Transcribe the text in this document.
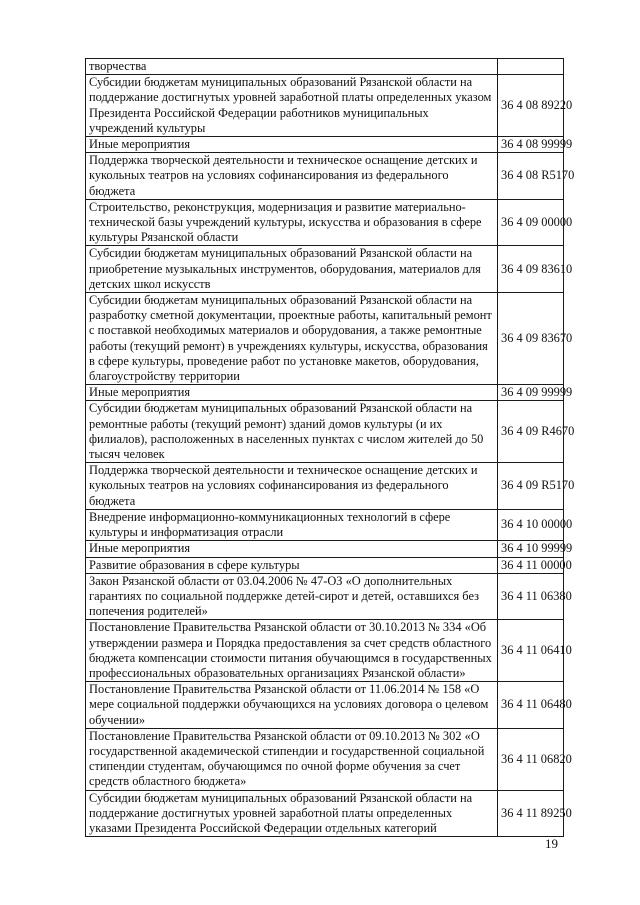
творчества	
Субсидии бюджетам муниципальных образований Рязанской области на поддержание достигнутых уровней заработной платы определенных указом Президента Российской Федерации работников муниципальных учреждений культуры	36 4 08 89220
Иные мероприятия	36 4 08 99999
Поддержка творческой деятельности и техническое оснащение детских и кукольных театров на условиях софинансирования из федерального бюджета	36 4 08 R5170
Строительство, реконструкция, модернизация и развитие материально-технической базы учреждений культуры, искусства и образования в сфере культуры Рязанской области	36 4 09 00000
Субсидии бюджетам муниципальных образований Рязанской области на приобретение музыкальных инструментов, оборудования, материалов для детских школ искусств	36 4 09 83610
Субсидии бюджетам муниципальных образований Рязанской области на разработку сметной документации, проектные работы, капитальный ремонт с поставкой необходимых материалов и оборудования, а также ремонтные работы (текущий ремонт) в учреждениях культуры, искусства, образования в сфере культуры, проведение работ по установке макетов, оборудования, благоустройству территории	36 4 09 83670
Иные мероприятия	36 4 09 99999
Субсидии бюджетам муниципальных образований Рязанской области на ремонтные работы (текущий ремонт) зданий домов культуры (и их филиалов), расположенных в населенных пунктах с числом жителей до 50 тысяч человек	36 4 09 R4670
Поддержка творческой деятельности и техническое оснащение детских и кукольных театров на условиях софинансирования из федерального бюджета	36 4 09 R5170
Внедрение информационно-коммуникационных технологий в сфере культуры и информатизация отрасли	36 4 10 00000
Иные мероприятия	36 4 10 99999
Развитие образования в сфере культуры	36 4 11 00000
Закон Рязанской области от 03.04.2006 № 47-ОЗ «О дополнительных гарантиях по социальной поддержке детей-сирот и детей, оставшихся без попечения родителей»	36 4 11 06380
Постановление Правительства Рязанской области от 30.10.2013 № 334 «Об утверждении размера и Порядка предоставления за счет средств областного бюджета компенсации стоимости питания обучающимся в государственных профессиональных образовательных организациях Рязанской области»	36 4 11 06410
Постановление Правительства Рязанской области от 11.06.2014 № 158 «О мере социальной поддержки обучающихся на условиях договора о целевом обучении»	36 4 11 06480
Постановление Правительства Рязанской области от 09.10.2013 № 302 «О государственной академической стипендии и государственной социальной стипендии студентам, обучающимся по очной форме обучения за счет средств областного бюджета»	36 4 11 06820
Субсидии бюджетам муниципальных образований Рязанской области на поддержание достигнутых уровней заработной платы определенных указами Президента Российской Федерации отдельных категорий	36 4 11 89250
19
